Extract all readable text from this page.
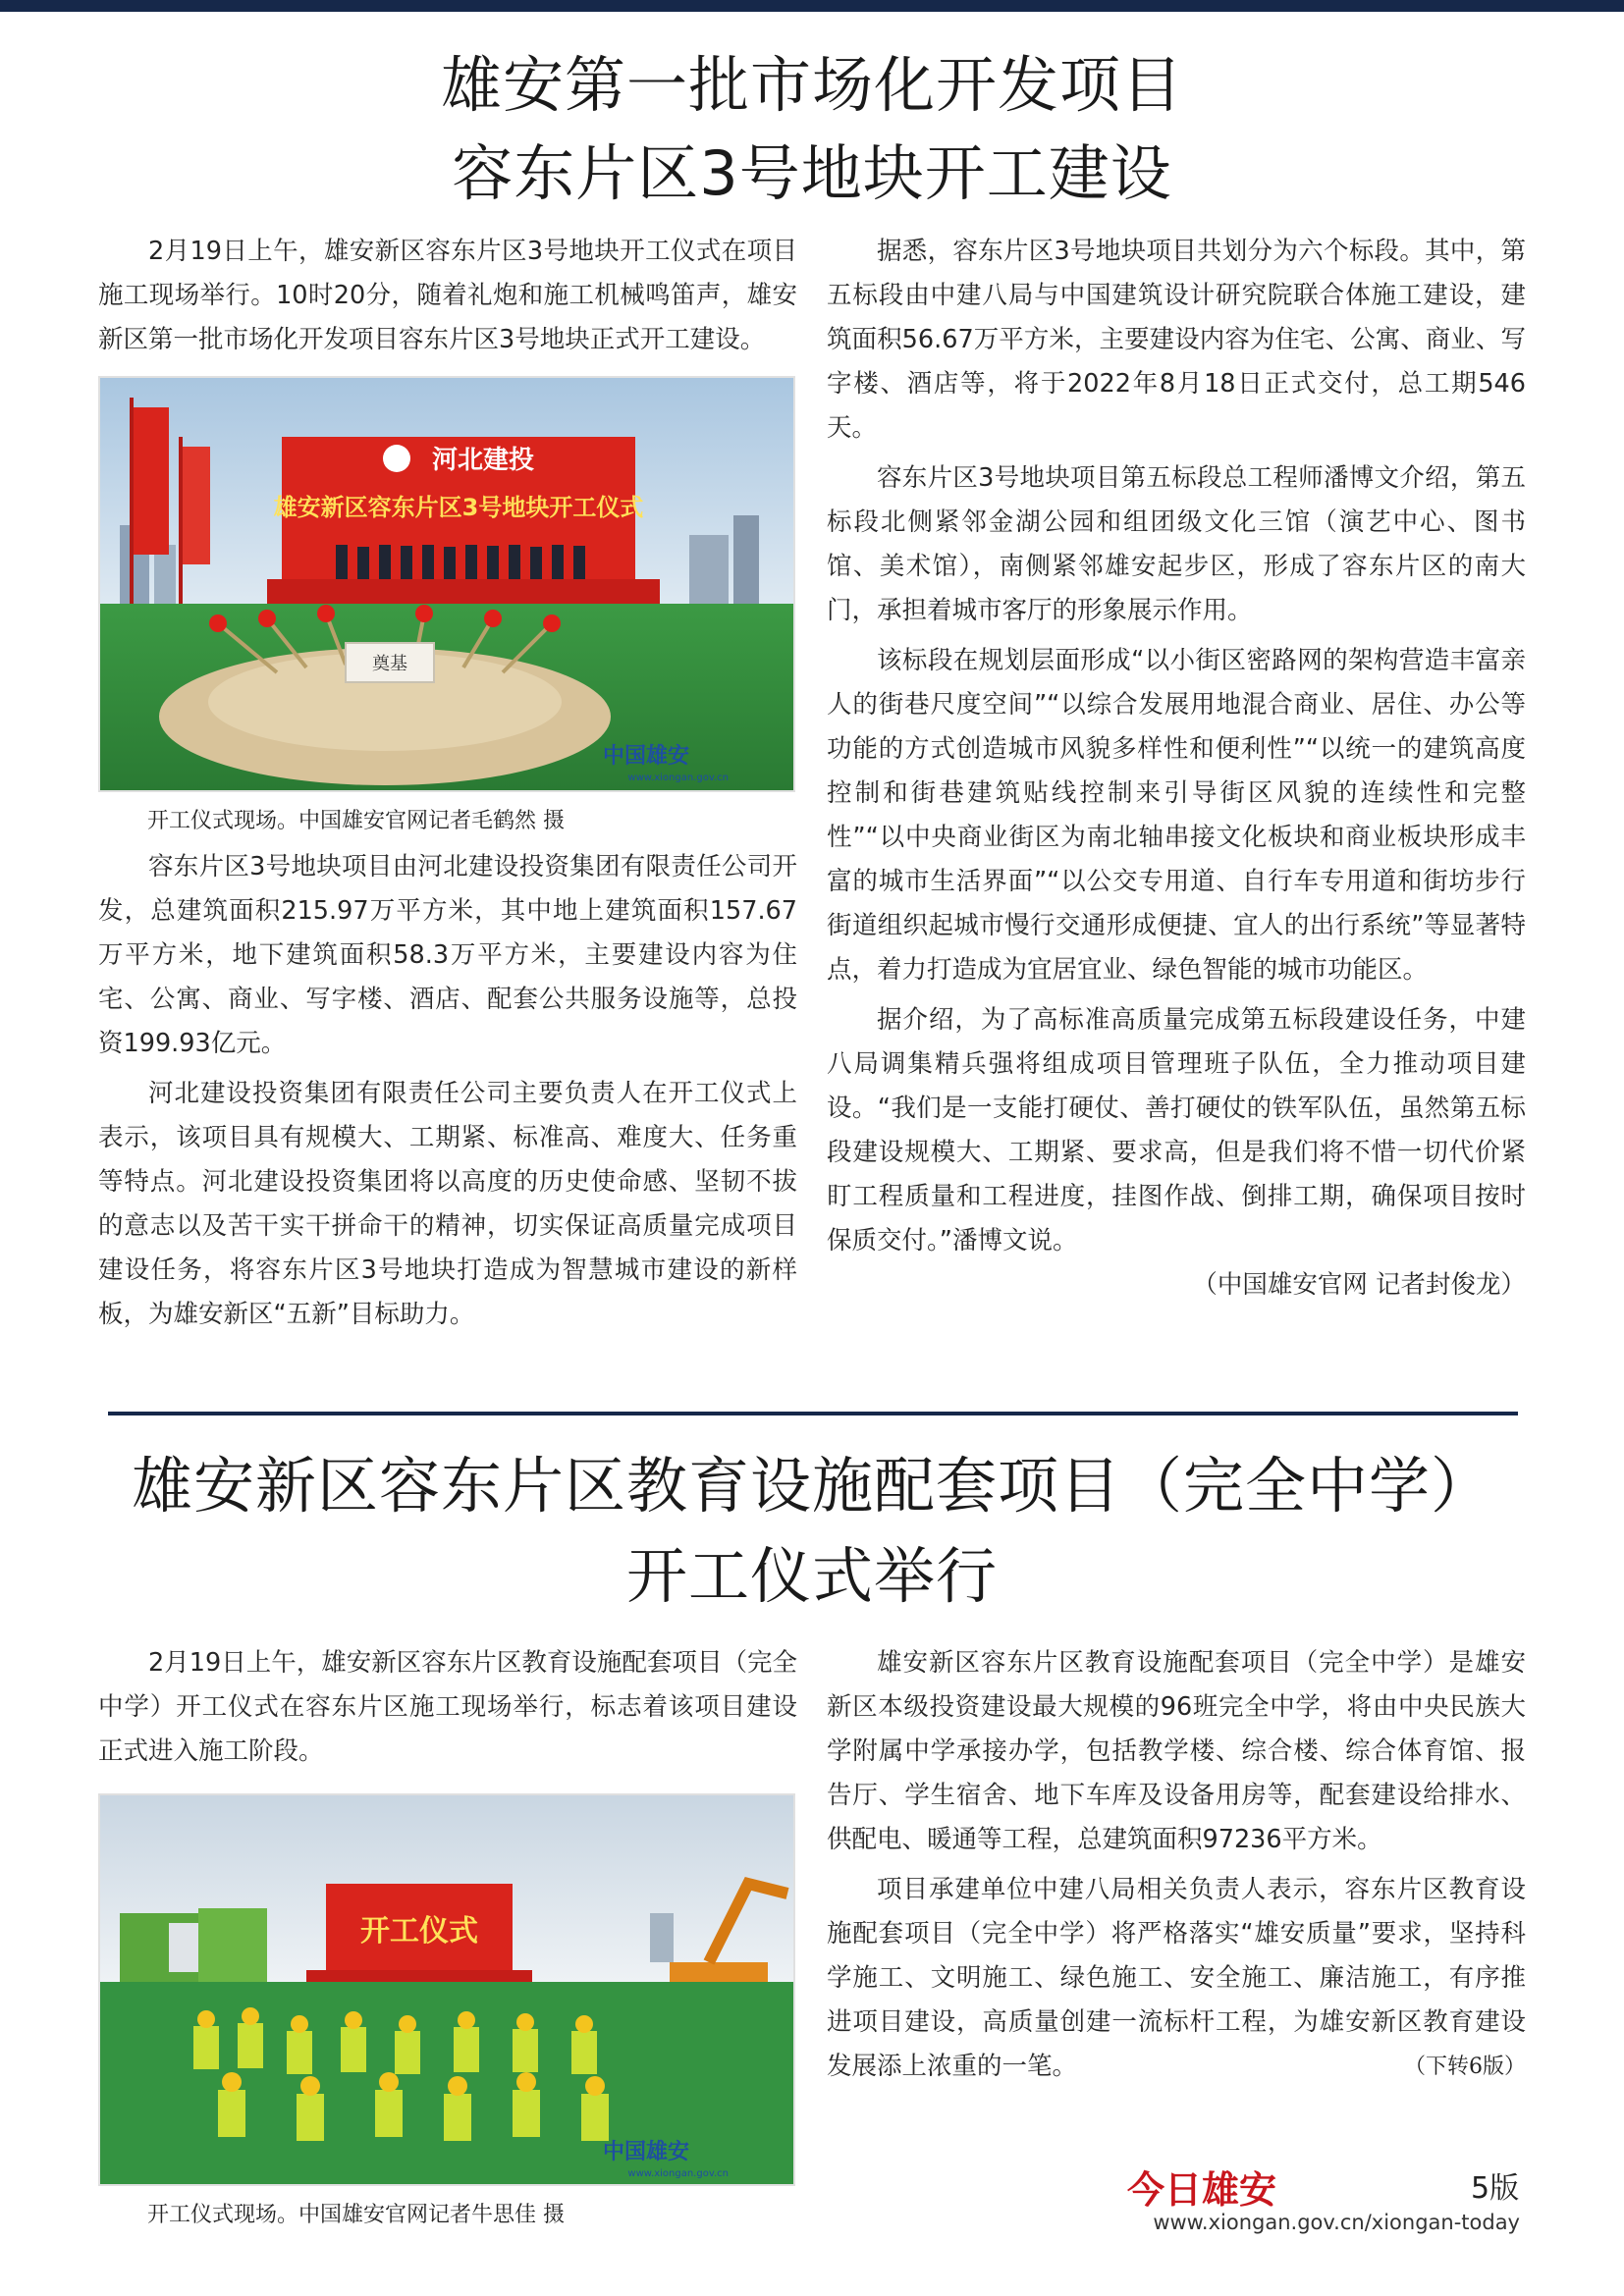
雄安第一批市场化开发项目
容东片区3号地块开工建设

2月19日上午，雄安新区容东片区3号地块开工仪式在项目施工现场举行。10时20分，随着礼炮和施工机械鸣笛声，雄安新区第一批市场化开发项目容东片区3号地块正式开工建设。

河北建投
雄安新区容东片区3号地块开工仪式
奠基
中国雄安
www.xiongan.gov.cn

开工仪式现场。中国雄安官网记者毛鹤然 摄

容东片区3号地块项目由河北建设投资集团有限责任公司开发，总建筑面积215.97万平方米，其中地上建筑面积157.67万平方米，地下建筑面积58.3万平方米，主要建设内容为住宅、公寓、商业、写字楼、酒店、配套公共服务设施等，总投资199.93亿元。

河北建设投资集团有限责任公司主要负责人在开工仪式上表示，该项目具有规模大、工期紧、标准高、难度大、任务重等特点。河北建设投资集团将以高度的历史使命感、坚韧不拔的意志以及苦干实干拼命干的精神，切实保证高质量完成项目建设任务，将容东片区3号地块打造成为智慧城市建设的新样板，为雄安新区“五新”目标助力。

据悉，容东片区3号地块项目共划分为六个标段。其中，第五标段由中建八局与中国建筑设计研究院联合体施工建设，建筑面积56.67万平方米，主要建设内容为住宅、公寓、商业、写字楼、酒店等，将于2022年8月18日正式交付，总工期546天。

容东片区3号地块项目第五标段总工程师潘博文介绍，第五标段北侧紧邻金湖公园和组团级文化三馆（演艺中心、图书馆、美术馆），南侧紧邻雄安起步区，形成了容东片区的南大门，承担着城市客厅的形象展示作用。

该标段在规划层面形成“以小街区密路网的架构营造丰富亲人的街巷尺度空间”“以综合发展用地混合商业、居住、办公等功能的方式创造城市风貌多样性和便利性”“以统一的建筑高度控制和街巷建筑贴线控制来引导街区风貌的连续性和完整性”“以中央商业街区为南北轴串接文化板块和商业板块形成丰富的城市生活界面”“以公交专用道、自行车专用道和街坊步行街道组织起城市慢行交通形成便捷、宜人的出行系统”等显著特点，着力打造成为宜居宜业、绿色智能的城市功能区。

据介绍，为了高标准高质量完成第五标段建设任务，中建八局调集精兵强将组成项目管理班子队伍，全力推动项目建设。“我们是一支能打硬仗、善打硬仗的铁军队伍，虽然第五标段建设规模大、工期紧、要求高，但是我们将不惜一切代价紧盯工程质量和工程进度，挂图作战、倒排工期，确保项目按时保质交付。”潘博文说。

（中国雄安官网 记者封俊龙）

雄安新区容东片区教育设施配套项目（完全中学）
开工仪式举行

2月19日上午，雄安新区容东片区教育设施配套项目（完全中学）开工仪式在容东片区施工现场举行，标志着该项目建设正式进入施工阶段。

开工仪式
中国雄安
www.xiongan.gov.cn

开工仪式现场。中国雄安官网记者牛思佳 摄

雄安新区容东片区教育设施配套项目（完全中学）是雄安新区本级投资建设最大规模的96班完全中学，将由中央民族大学附属中学承接办学，包括教学楼、综合楼、综合体育馆、报告厅、学生宿舍、地下车库及设备用房等，配套建设给排水、供配电、暖通等工程，总建筑面积97236平方米。

项目承建单位中建八局相关负责人表示，容东片区教育设施配套项目（完全中学）将严格落实“雄安质量”要求，坚持科学施工、文明施工、绿色施工、安全施工、廉洁施工，有序推进项目建设，高质量创建一流标杆工程，为雄安新区教育建设发展添上浓重的一笔。	（下转6版）

今日雄安	5版
www.xiongan.gov.cn/xiongan-today
